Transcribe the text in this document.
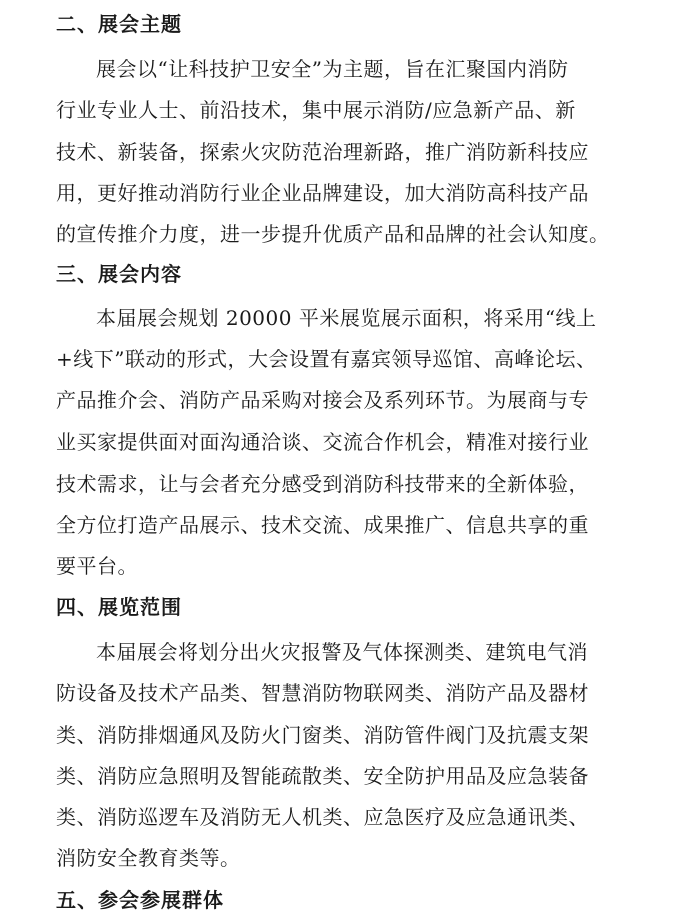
二、展会主题
展会以“让科技护卫安全”为主题，旨在汇聚国内消防
行业专业人士、前沿技术，集中展示消防/应急新产品、新
技术、新装备，探索火灾防范治理新路，推广消防新科技应
用，更好推动消防行业企业品牌建设，加大消防高科技产品
的宣传推介力度，进一步提升优质产品和品牌的社会认知度。
三、展会内容
本届展会规划 20000 平米展览展示面积，将采用“线上
+线下”联动的形式，大会设置有嘉宾领导巡馆、高峰论坛、
产品推介会、消防产品采购对接会及系列环节。为展商与专
业买家提供面对面沟通洽谈、交流合作机会，精准对接行业
技术需求，让与会者充分感受到消防科技带来的全新体验，
全方位打造产品展示、技术交流、成果推广、信息共享的重
要平台。
四、展览范围
本届展会将划分出火灾报警及气体探测类、建筑电气消
防设备及技术产品类、智慧消防物联网类、消防产品及器材
类、消防排烟通风及防火门窗类、消防管件阀门及抗震支架
类、消防应急照明及智能疏散类、安全防护用品及应急装备
类、消防巡逻车及消防无人机类、应急医疗及应急通讯类、
消防安全教育类等。
五、参会参展群体
